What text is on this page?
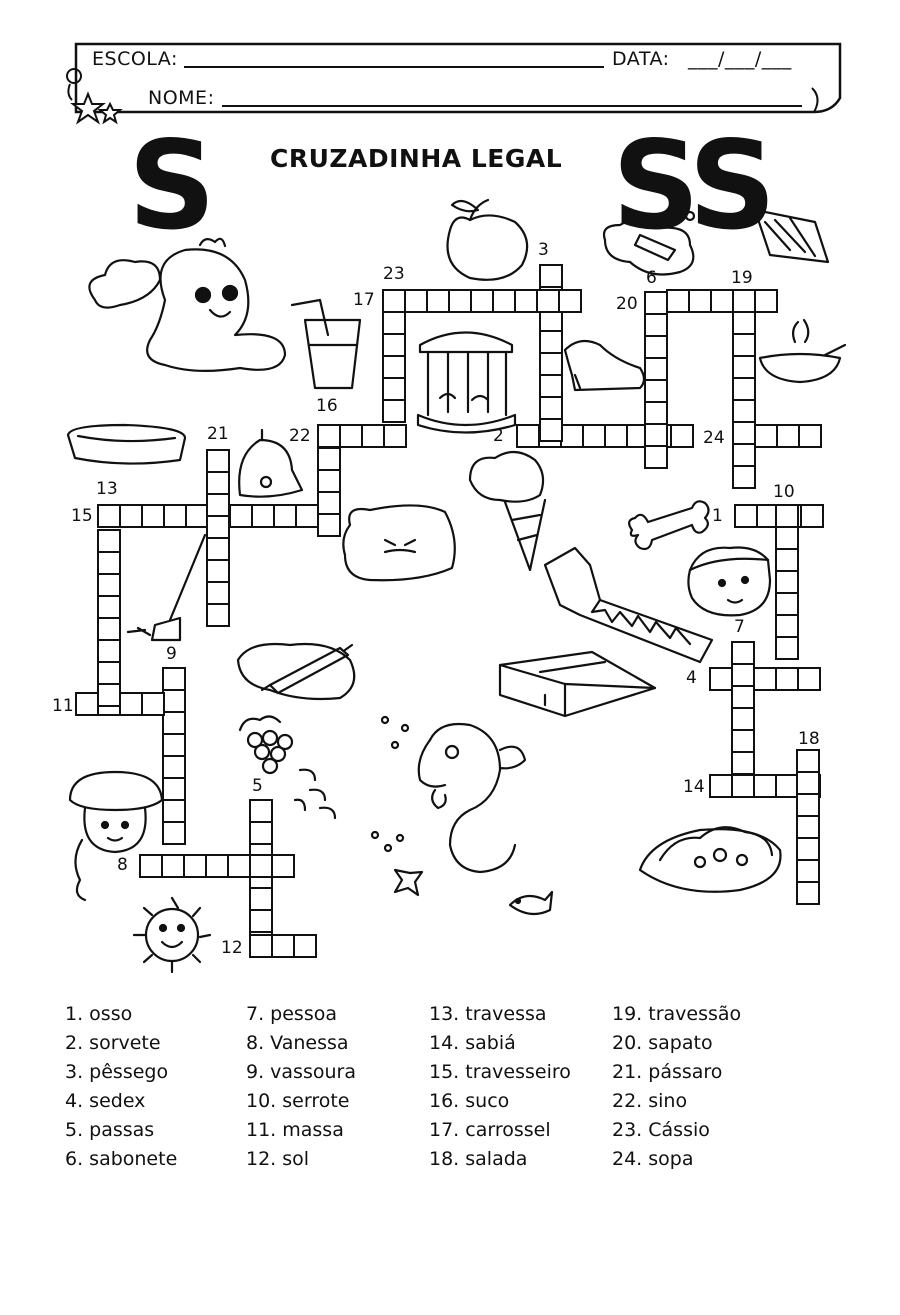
ESCOLA:	DATA: ___/___/___
NOME:
S	SS
CRUZADINHA LEGAL
1
2
3
4
5
6
7
8
9
10
11
12
13
14
15
16
17
18
19
20
21	22
23
24
1. osso
2. sorvete
3. pêssego
4. sedex
5. passas
6. sabonete
7. pessoa
8. Vanessa
9. vassoura
10. serrote
11. massa
12. sol
13. travessa
14. sabiá
15. travesseiro
16. suco
17. carrossel
18. salada
19. travessão
20. sapato
21. pássaro
22. sino
23. Cássio
24. sopa
